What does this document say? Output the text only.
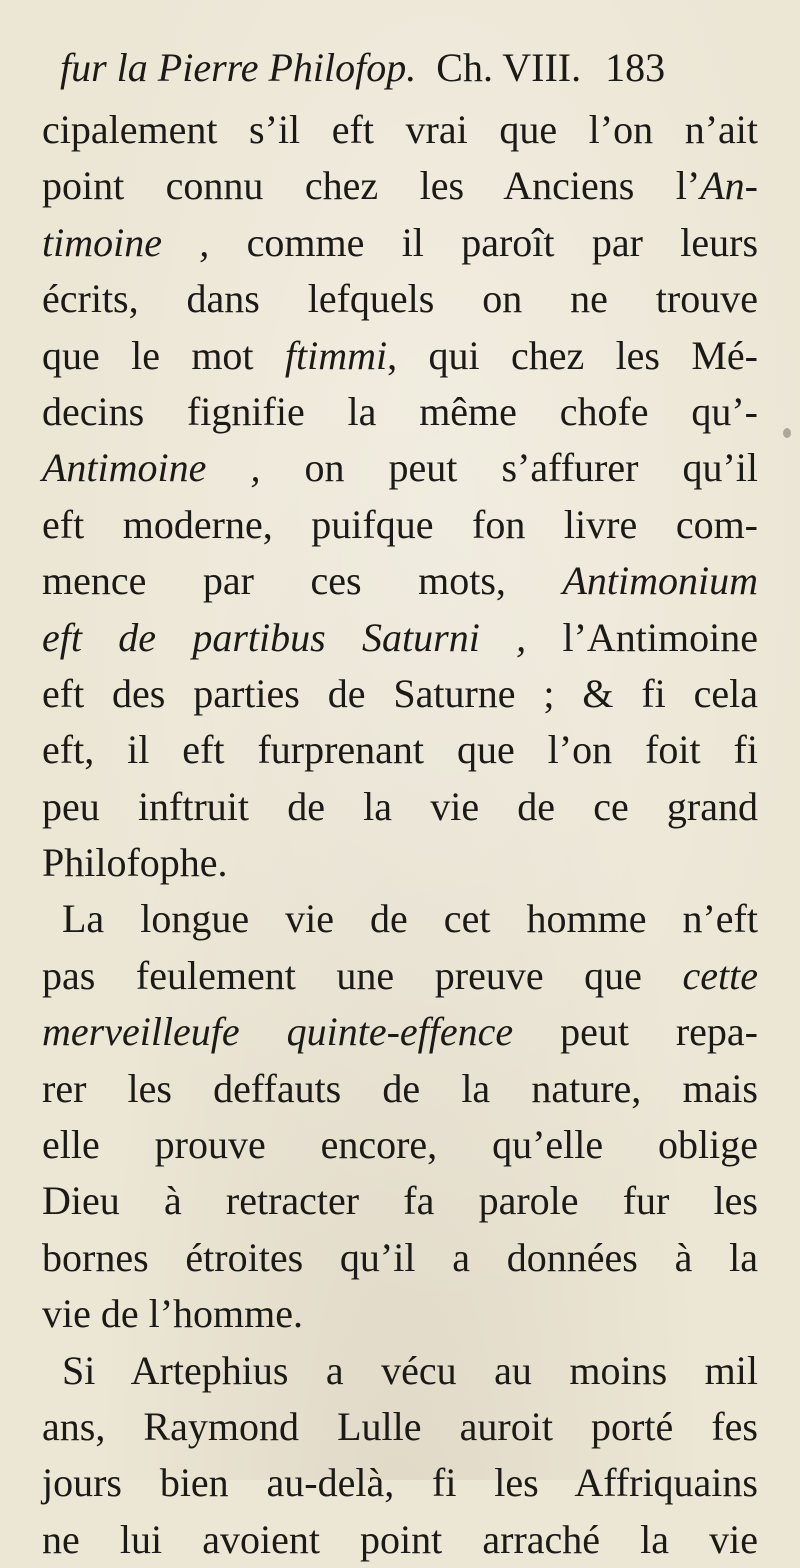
fur la Pierre Philofop. Ch. VIII. 183
cipalement s’il eft vrai que l’on n’ait
point connu chez les Anciens l’An-
timoine , comme il paroît par leurs
écrits, dans lefquels on ne trouve
que le mot ftimmi, qui chez les Mé-
decins fignifie la même chofe qu’-
Antimoine , on peut s’affurer qu’il
eft moderne, puifque fon livre com-
mence par ces mots, Antimonium
eft de partibus Saturni , l’Antimoine
eft des parties de Saturne ; & fi cela
eft, il eft furprenant que l’on foit fi
peu inftruit de la vie de ce grand
Philofophe.
La longue vie de cet homme n’eft
pas feulement une preuve que cette
merveilleufe quinte-effence peut repa-
rer les deffauts de la nature, mais
elle prouve encore, qu’elle oblige
Dieu à retracter fa parole fur les
bornes étroites qu’il a données à la
vie de l’homme.
Si Artephius a vécu au moins mil
ans, Raymond Lulle auroit porté fes
jours bien au-delà, fi les Affriquains
ne lui avoient point arraché la vie
